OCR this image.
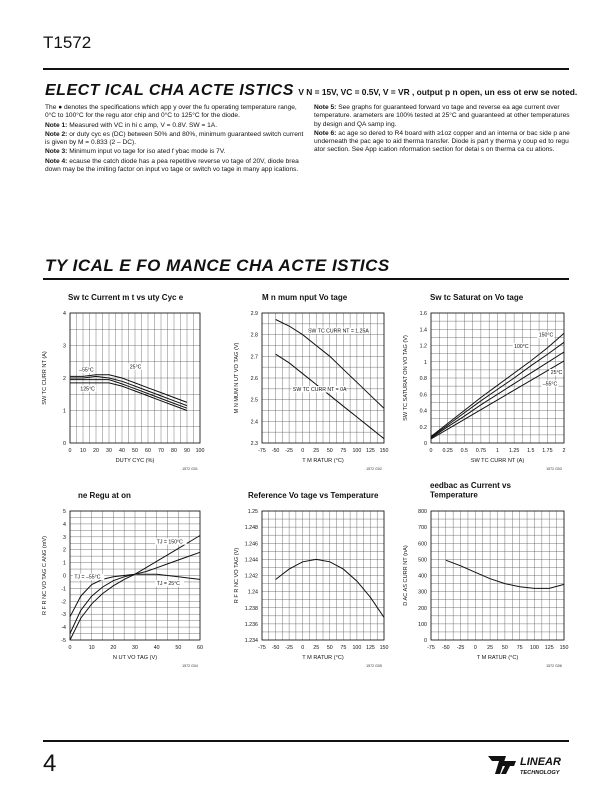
T1572
ELECT ICAL CHA ACTE ISTICS V N = 15V, VC = 0.5V, V = VR , output p n open, un ess ot erw se noted.

The ● denotes the specifications which app y over the fu operating temperature range, 0°C to 100°C for the regu ator chip and 0°C to 125°C for the diode.

Note 1: Measured with VC in hi c amp, V = 0.8V. SW = 1A.

Note 2: or duty cyc es (DC) between 50% and 80%, minimum guaranteed switch current is given by M = 0.833 (2 – DC).

Note 3: Minimum input vo tage for iso ated f ybac mode is 7V.

Note 4: ecause the catch diode has a pea repetitive reverse vo tage of 20V, diode brea down may be the imiting factor on input vo tage or switch vo tage in many app ications.

Note 5: See graphs for guaranteed forward vo tage and reverse ea age current over temperature. arameters are 100% tested at 25°C and guaranteed at other temperatures by design and QA samp ing.

Note 6: ac age so dered to R4 board with ≥1oz copper and an interna or bac side p ane underneath the pac age to aid therma transfer. Diode is part y therma y coup ed to regu ator section. See App ication nformation section for detai s on therma ca cu ations.

TY ICAL E FO MANCE CHA ACTE ISTICS
Sw tc Current m t vs uty Cyc e
0 10 20 30 40 50 60 70 80 90 100
0
1
2
3
4
DUTY CYC (%)
SW TC CURR NT (A)
1572 G01
–55°C
25°C
125°C
M n mum nput Vo tage
-75 -50 -25 0 25 50 75 100 125 150
2.3
2.4
2.5
2.6
2.7
2.8
2.9
T M RATUR (°C)
M N MUM N UT VO TAG (V)
1572 G02
SW TC CURR NT = 1.25A
SW TC CURR NT = 0A
Sw tc Saturat on Vo tage
0 0.25 0.5 0.75 1 1.25 1.5 1.75 2
0
0.2
0.4
0.6
0.8
1
1.2
1.4
1.6
SW TC CURR NT (A)
SW TC SATURAT ON VO TAG (V)
1572 G03
150°C
100°C
25°C
–55°C
ne Regu at on
0	10	20	30	40	50	60
-5
-4
-3
-2
-1
0
1
2
3
4
5
N UT VO TAG (V)
R F R NC VO TAG C ANG (mV)
1572 G04
TJ = 150°C
TJ = –55°C
TJ = 25°C
Reference Vo tage vs Temperature
-75 -50 -25 0 25 50 75 100 125 150
1.234
1.236
1.238
1.24
1.242
1.244
1.246
1.248
1.25
T M RATUR (°C)
R F R NC VO TAG (V)
1572 G05
eedbac as Current vs Temperature
-75 -50 -25 0 25 50 75 100 125 150
0
100
200
300
400
500
600
700
800
T M RATUR (°C)
D AC AS CURR NT (nA)
1572 G06
4	LINEAR
TECHNOLOGY
